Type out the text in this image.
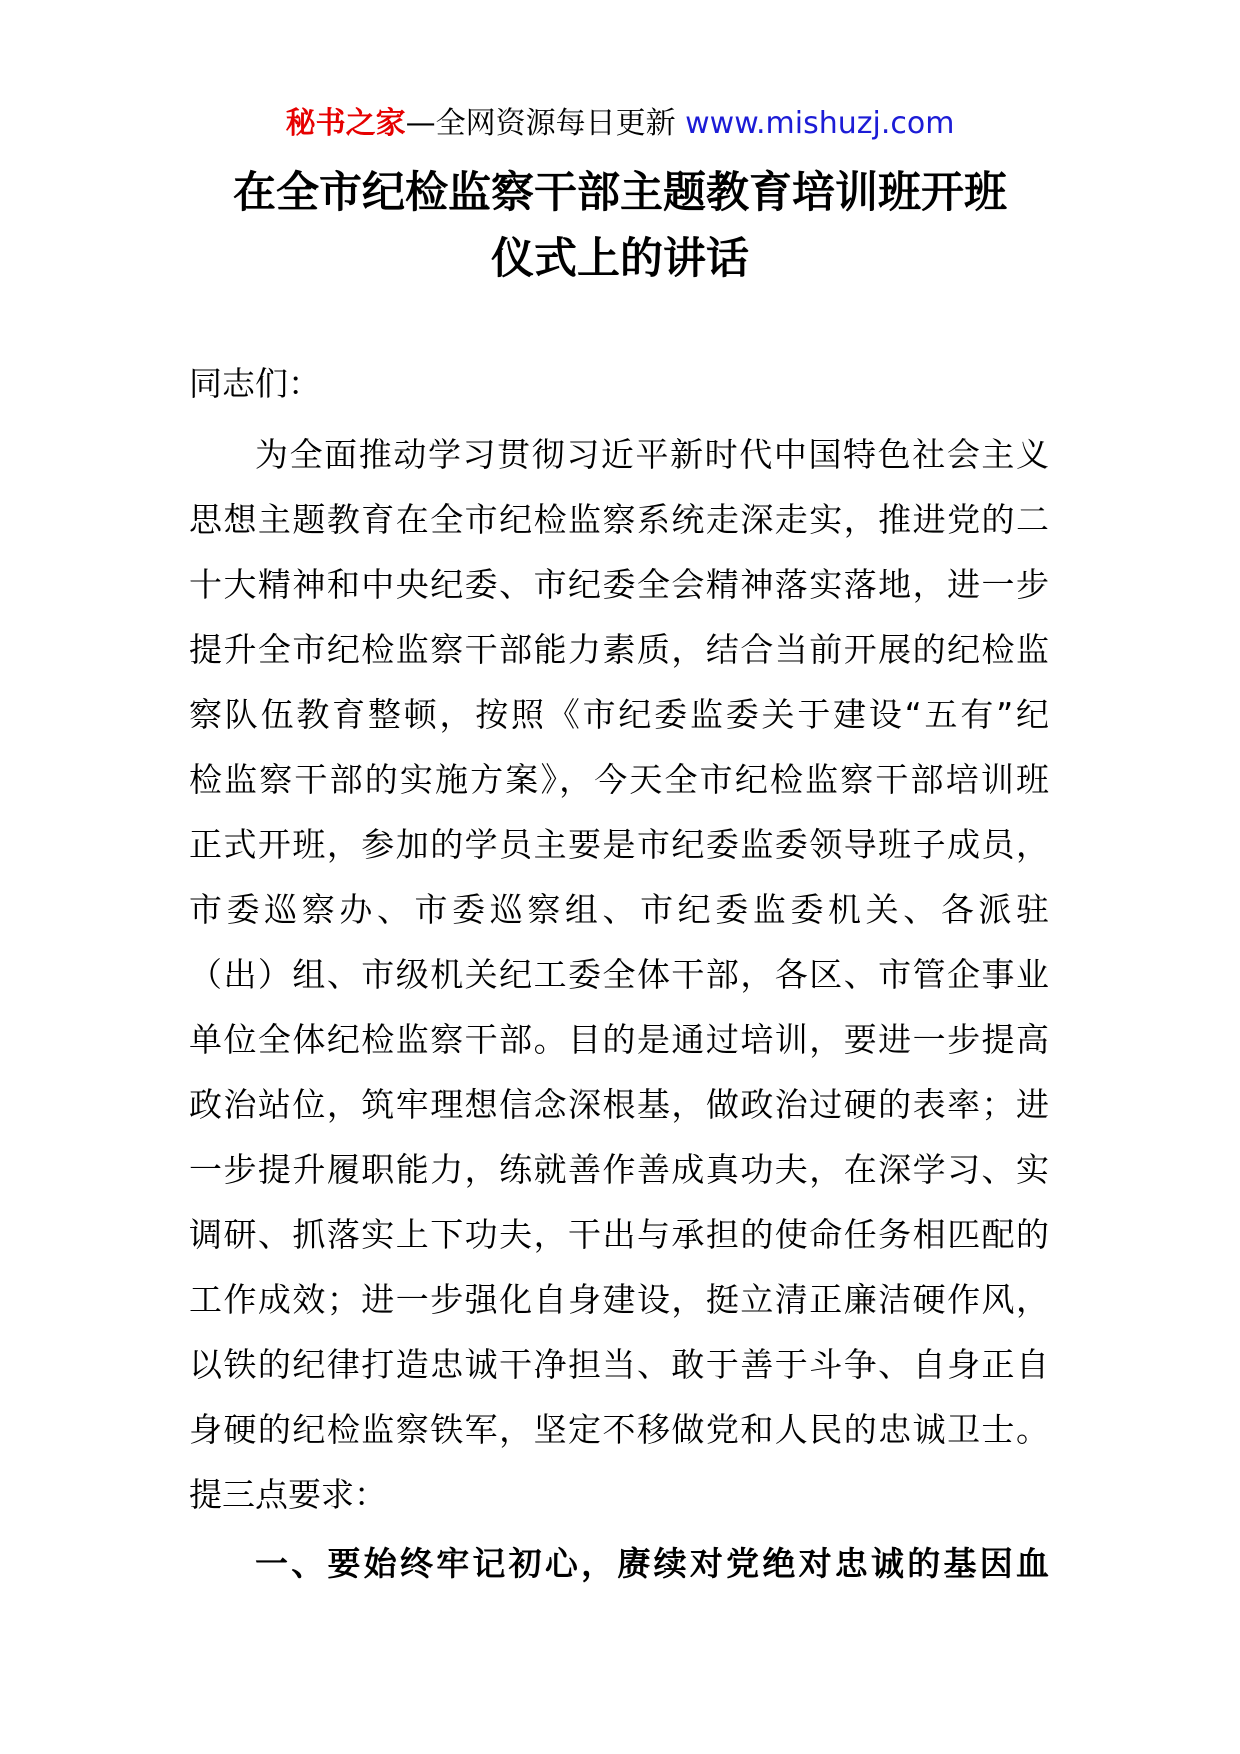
秘书之家—全网资源每日更新 www.mishuzj.com
在全市纪检监察干部主题教育培训班开班
仪式上的讲话

同志们：

为全面推动学习贯彻习近平新时代中国特色社会主义
思想主题教育在全市纪检监察系统走深走实，推进党的二
十大精神和中央纪委、市纪委全会精神落实落地，进一步
提升全市纪检监察干部能力素质，结合当前开展的纪检监
察队伍教育整顿，按照《市纪委监委关于建设“五有”纪
检监察干部的实施方案》，今天全市纪检监察干部培训班
正式开班，参加的学员主要是市纪委监委领导班子成员，
市委巡察办、市委巡察组、市纪委监委机关、各派驻
（出）组、市级机关纪工委全体干部，各区、市管企事业
单位全体纪检监察干部。目的是通过培训，要进一步提高
政治站位，筑牢理想信念深根基，做政治过硬的表率；进
一步提升履职能力，练就善作善成真功夫，在深学习、实
调研、抓落实上下功夫，干出与承担的使命任务相匹配的
工作成效；进一步强化自身建设，挺立清正廉洁硬作风，
以铁的纪律打造忠诚干净担当、敢于善于斗争、自身正自
身硬的纪检监察铁军，坚定不移做党和人民的忠诚卫士。
提三点要求：

一、要始终牢记初心，赓续对党绝对忠诚的基因血
